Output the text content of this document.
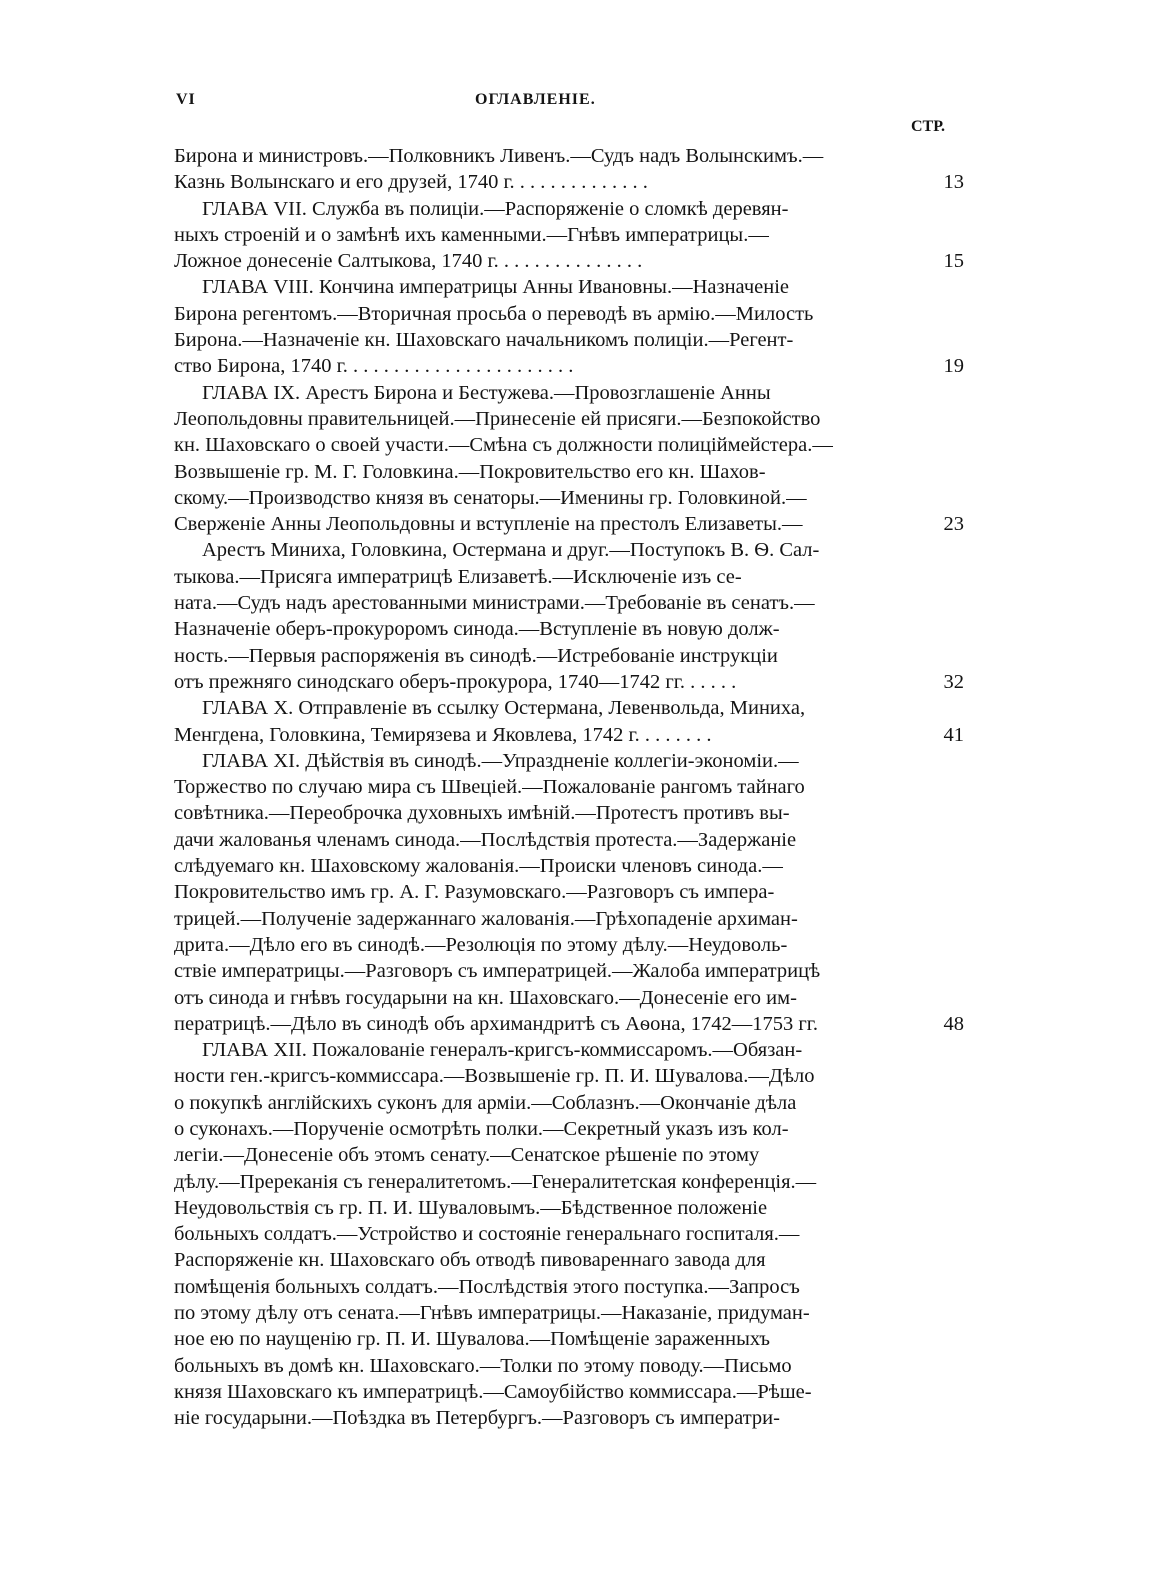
VI	ОГЛАВЛЕНІЕ.
СТР.
Бирона и министровъ.—Полковникъ Ливенъ.—Судъ надъ Волынскимъ.—
Казнь Волынскаго и его друзей, 1740 г. . . . . . . . . . . . . .	13
ГЛАВА VII. Служба въ полиціи.—Распоряженіе о сломкѣ деревян-
ныхъ строеній и о замѣнѣ ихъ каменными.—Гнѣвъ императрицы.—
Ложное донесеніе Салтыкова, 1740 г. . . . . . . . . . . . . . .	15
ГЛАВА VIII. Кончина императрицы Анны Ивановны.—Назначеніе
Бирона регентомъ.—Вторичная просьба о переводѣ въ армію.—Милость
Бирона.—Назначеніе кн. Шаховскаго начальникомъ полиціи.—Регент-
ство Бирона, 1740 г. . . . . . . . . . . . . . . . . . . . . . .	19
ГЛАВА IX. Арестъ Бирона и Бестужева.—Провозглашеніе Анны
Леопольдовны правительницей.—Принесеніе ей присяги.—Безпокойство
кн. Шаховскаго о своей участи.—Смѣна съ должности полиціймейстера.—
Возвышеніе гр. М. Г. Головкина.—Покровительство его кн. Шахов-
скому.—Производство князя въ сенаторы.—Именины гр. Головкиной.—
Сверженіе Анны Леопольдовны и вступленіе на престолъ Елизаветы.—	23
Арестъ Миниха, Головкина, Остермана и друг.—Поступокъ В. Ѳ. Сал-
тыкова.—Присяга императрицѣ Елизаветѣ.—Исключеніе изъ се-
ната.—Судъ надъ арестованными министрами.—Требованіе въ сенатъ.—
Назначеніе оберъ-прокуроромъ синода.—Вступленіе въ новую долж-
ность.—Первыя распоряженія въ синодѣ.—Истребованіе инструкціи
отъ прежняго синодскаго оберъ-прокурора, 1740—1742 гг. . . . . .	32
ГЛАВА X. Отправленіе въ ссылку Остермана, Левенвольда, Миниха,
Менгдена, Головкина, Темирязева и Яковлева, 1742 г. . . . . . . .	41
ГЛАВА XI. Дѣйствія въ синодѣ.—Упраздненіе коллегіи-экономіи.—
Торжество по случаю мира съ Швеціей.—Пожалованіе рангомъ тайнаго
совѣтника.—Переоброчка духовныхъ имѣній.—Протестъ противъ вы-
дачи жалованья членамъ синода.—Послѣдствія протеста.—Задержаніе
слѣдуемаго кн. Шаховскому жалованія.—Происки членовъ синода.—
Покровительство имъ гр. А. Г. Разумовскаго.—Разговоръ съ импера-
трицей.—Полученіе задержаннаго жалованія.—Грѣхопаденіе архиман-
дрита.—Дѣло его въ синодѣ.—Резолюція по этому дѣлу.—Неудоволь-
ствіе императрицы.—Разговоръ съ императрицей.—Жалоба императрицѣ
отъ синода и гнѣвъ государыни на кн. Шаховскаго.—Донесеніе его им-
ператрицѣ.—Дѣло въ синодѣ объ архимандритѣ съ Аѳона, 1742—1753 гг.	48
ГЛАВА XII. Пожалованіе генералъ-кригсъ-коммиссаромъ.—Обязан-
ности ген.-кригсъ-коммиссара.—Возвышеніе гр. П. И. Шувалова.—Дѣло
о покупкѣ англійскихъ суконъ для арміи.—Соблазнъ.—Окончаніе дѣла
о суконахъ.—Порученіе осмотрѣть полки.—Секретный указъ изъ кол-
легіи.—Донесеніе объ этомъ сенату.—Сенатское рѣшеніе по этому
дѣлу.—Пререканія съ генералитетомъ.—Генералитетская конференція.—
Неудовольствія съ гр. П. И. Шуваловымъ.—Бѣдственное положеніе
больныхъ солдатъ.—Устройство и состояніе генеральнаго госпиталя.—
Распоряженіе кн. Шаховскаго объ отводѣ пивовареннаго завода для
помѣщенія больныхъ солдатъ.—Послѣдствія этого поступка.—Запросъ
по этому дѣлу отъ сената.—Гнѣвъ императрицы.—Наказаніе, придуман-
ное ею по наущенію гр. П. И. Шувалова.—Помѣщеніе зараженныхъ
больныхъ въ домѣ кн. Шаховскаго.—Толки по этому поводу.—Письмо
князя Шаховскаго къ императрицѣ.—Самоубійство коммиссара.—Рѣше-
ніе государыни.—Поѣздка въ Петербургъ.—Разговоръ съ императри-
